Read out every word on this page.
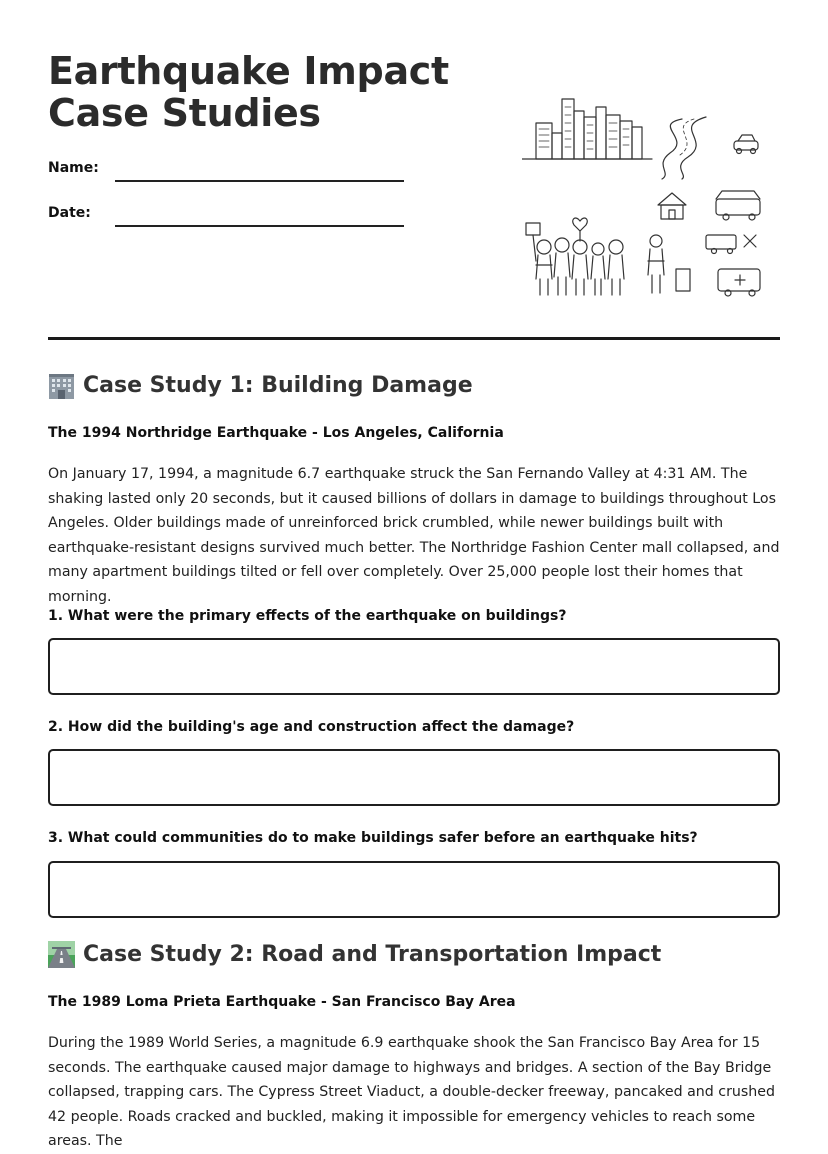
Earthquake Impact Case Studies
Name:
Date:
Case Study 1: Building Damage
The 1994 Northridge Earthquake - Los Angeles, California

On January 17, 1994, a magnitude 6.7 earthquake struck the San Fernando Valley at 4:31 AM. The shaking lasted only 20 seconds, but it caused billions of dollars in damage to buildings throughout Los Angeles. Older buildings made of unreinforced brick crumbled, while newer buildings built with earthquake-resistant designs survived much better. The Northridge Fashion Center mall collapsed, and many apartment buildings tilted or fell over completely. Over 25,000 people lost their homes that morning.

1. What were the primary effects of the earthquake on buildings?
2. How did the building's age and construction affect the damage?
3. What could communities do to make buildings safer before an earthquake hits?
Case Study 2: Road and Transportation Impact
The 1989 Loma Prieta Earthquake - San Francisco Bay Area

During the 1989 World Series, a magnitude 6.9 earthquake shook the San Francisco Bay Area for 15 seconds. The earthquake caused major damage to highways and bridges. A section of the Bay Bridge collapsed, trapping cars. The Cypress Street Viaduct, a double-decker freeway, pancaked and crushed 42 people. Roads cracked and buckled, making it impossible for emergency vehicles to reach some areas. The
